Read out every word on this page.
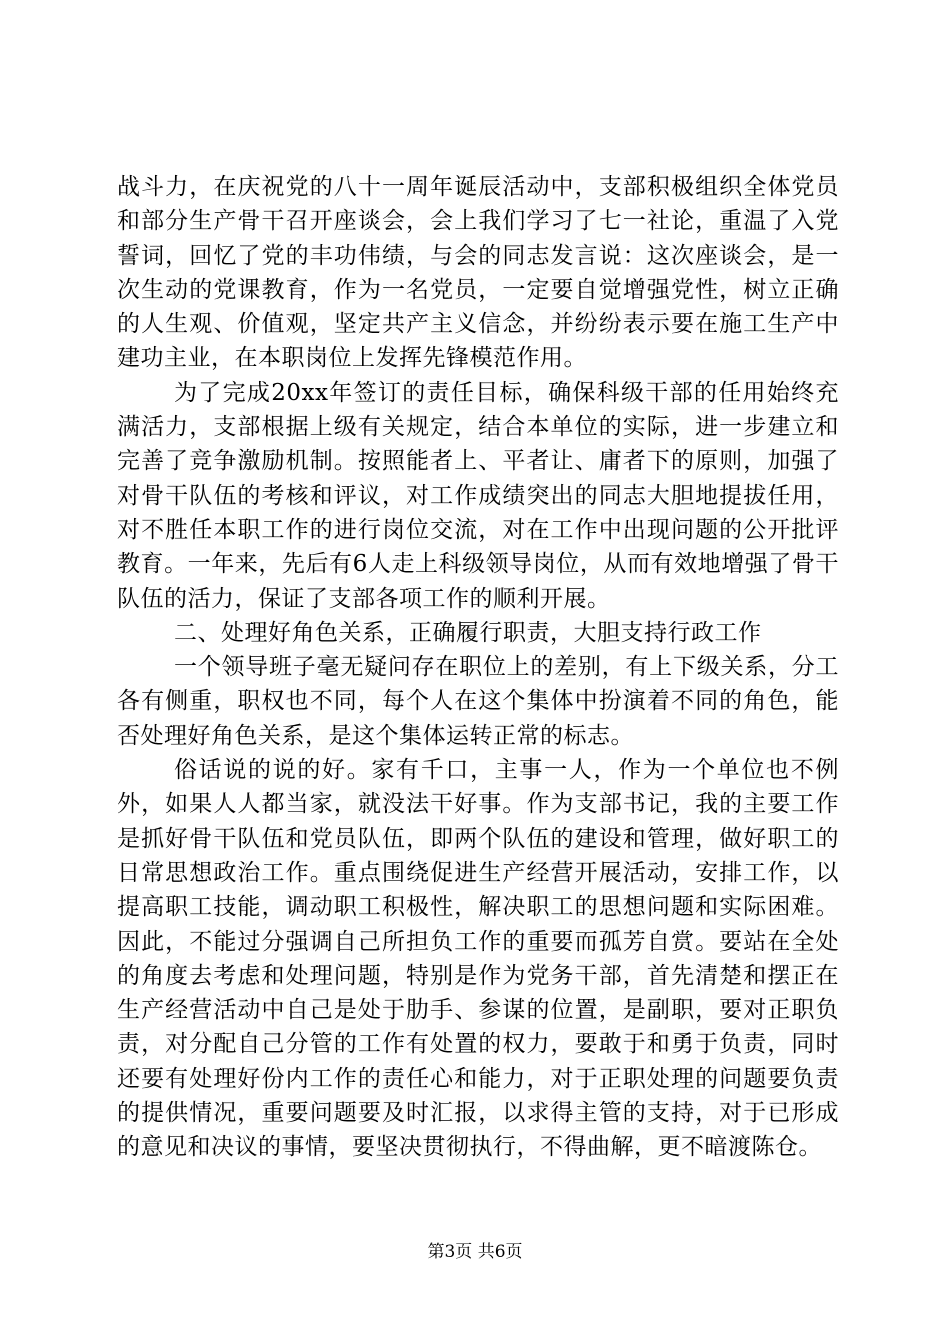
战斗力，在庆祝党的八十一周年诞辰活动中，支部积极组织全体党员和部分生产骨干召开座谈会，会上我们学习了七一社论，重温了入党誓词，回忆了党的丰功伟绩，与会的同志发言说：这次座谈会，是一次生动的党课教育，作为一名党员，一定要自觉增强党性，树立正确的人生观、价值观，坚定共产主义信念，并纷纷表示要在施工生产中建功主业，在本职岗位上发挥先锋模范作用。

为了完成20xx年签订的责任目标，确保科级干部的任用始终充满活力，支部根据上级有关规定，结合本单位的实际，进一步建立和完善了竞争激励机制。按照能者上、平者让、庸者下的原则，加强了对骨干队伍的考核和评议，对工作成绩突出的同志大胆地提拔任用，对不胜任本职工作的进行岗位交流，对在工作中出现问题的公开批评教育。一年来，先后有6人走上科级领导岗位，从而有效地增强了骨干队伍的活力，保证了支部各项工作的顺利开展。

二、处理好角色关系，正确履行职责，大胆支持行政工作

一个领导班子毫无疑问存在职位上的差别，有上下级关系，分工各有侧重，职权也不同，每个人在这个集体中扮演着不同的角色，能否处理好角色关系，是这个集体运转正常的标志。

俗话说的说的好。家有千口，主事一人，作为一个单位也不例外，如果人人都当家，就没法干好事。作为支部书记，我的主要工作是抓好骨干队伍和党员队伍，即两个队伍的建设和管理，做好职工的日常思想政治工作。重点围绕促进生产经营开展活动，安排工作，以提高职工技能，调动职工积极性，解决职工的思想问题和实际困难。因此，不能过分强调自己所担负工作的重要而孤芳自赏。要站在全处的角度去考虑和处理问题，特别是作为党务干部，首先清楚和摆正在生产经营活动中自己是处于肋手、参谋的位置，是副职，要对正职负责，对分配自己分管的工作有处置的权力，要敢于和勇于负责，同时还要有处理好份内工作的责任心和能力，对于正职处理的问题要负责的提供情况，重要问题要及时汇报，以求得主管的支持，对于已形成的意见和决议的事情，要坚决贯彻执行，不得曲解，更不暗渡陈仓。

第3页 共6页
